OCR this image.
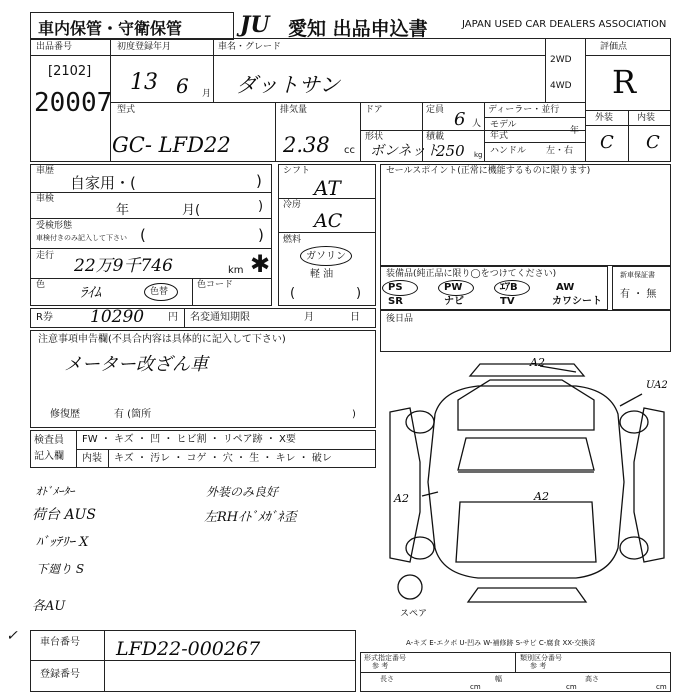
車内保管・守衛保管	JU 愛知 出品申込書	JAPAN USED CAR DEALERS ASSOCIATION
出品番号
[2102]
20007
初度登録年月
13 6 月
車名・グレード
ダットサン
2WD
4WD
評価点
R
外装	内装
C C
型式
GC- LFD22
排気量
2.38 cc
ドア
形状
ボンネット
定員 6 人
積載
250 kg
ディーラー・並行
モデル
年式	年
ハンドル 左・右
車歴
自家用・(	)
車検
年	月(	)
受検形態
車検付きのみ記入して下さい (	)
走行 22万9千746	km ✱
色 ﾗｲﾑ	色替
色コード
シフト
AT
冷房
AC
燃料
ガソリン
軽 油
(	)
セールスポイント(正常に機能するものに限ります)
装備品(純正品に限り◯をつけてください)
PS	PW	ｴｱB	AW
SR	ナビ	TV	カワシート
新車保証書
有 ・ 無
R券 10290 円 名変通知期限	月	日	後日品
注意事項申告欄(不具合内容は具体的に記入して下さい)
メーター改ざん車
修復歴	有 (箇所	)
検査員
記入欄
FW ・ キズ ・ 凹 ・ ヒビ割 ・ リペア跡 ・ X要
内装 キズ ・ 汚レ ・ コゲ ・ 穴 ・ 生 ・ キレ ・ 破レ
ｵﾄﾞﾒｰﾀｰ
荷台 AUS
ﾊﾞｯﾃﾘｰ X
下廻り S
各AU
外装のみ良好
左RHｲﾄﾞﾒｶﾞﾈ歪
A2
UA2
A2	A2
スペア
A-キズ E-エクボ U-凹み W-補修跡 S-サビ C-腐食 XX-交換済
✓ 車台番号 LFD22-000267
登録番号
形式指定番号
参 考
類別区分番号
参 考
長さ
cm
幅
cm
高さ
cm
